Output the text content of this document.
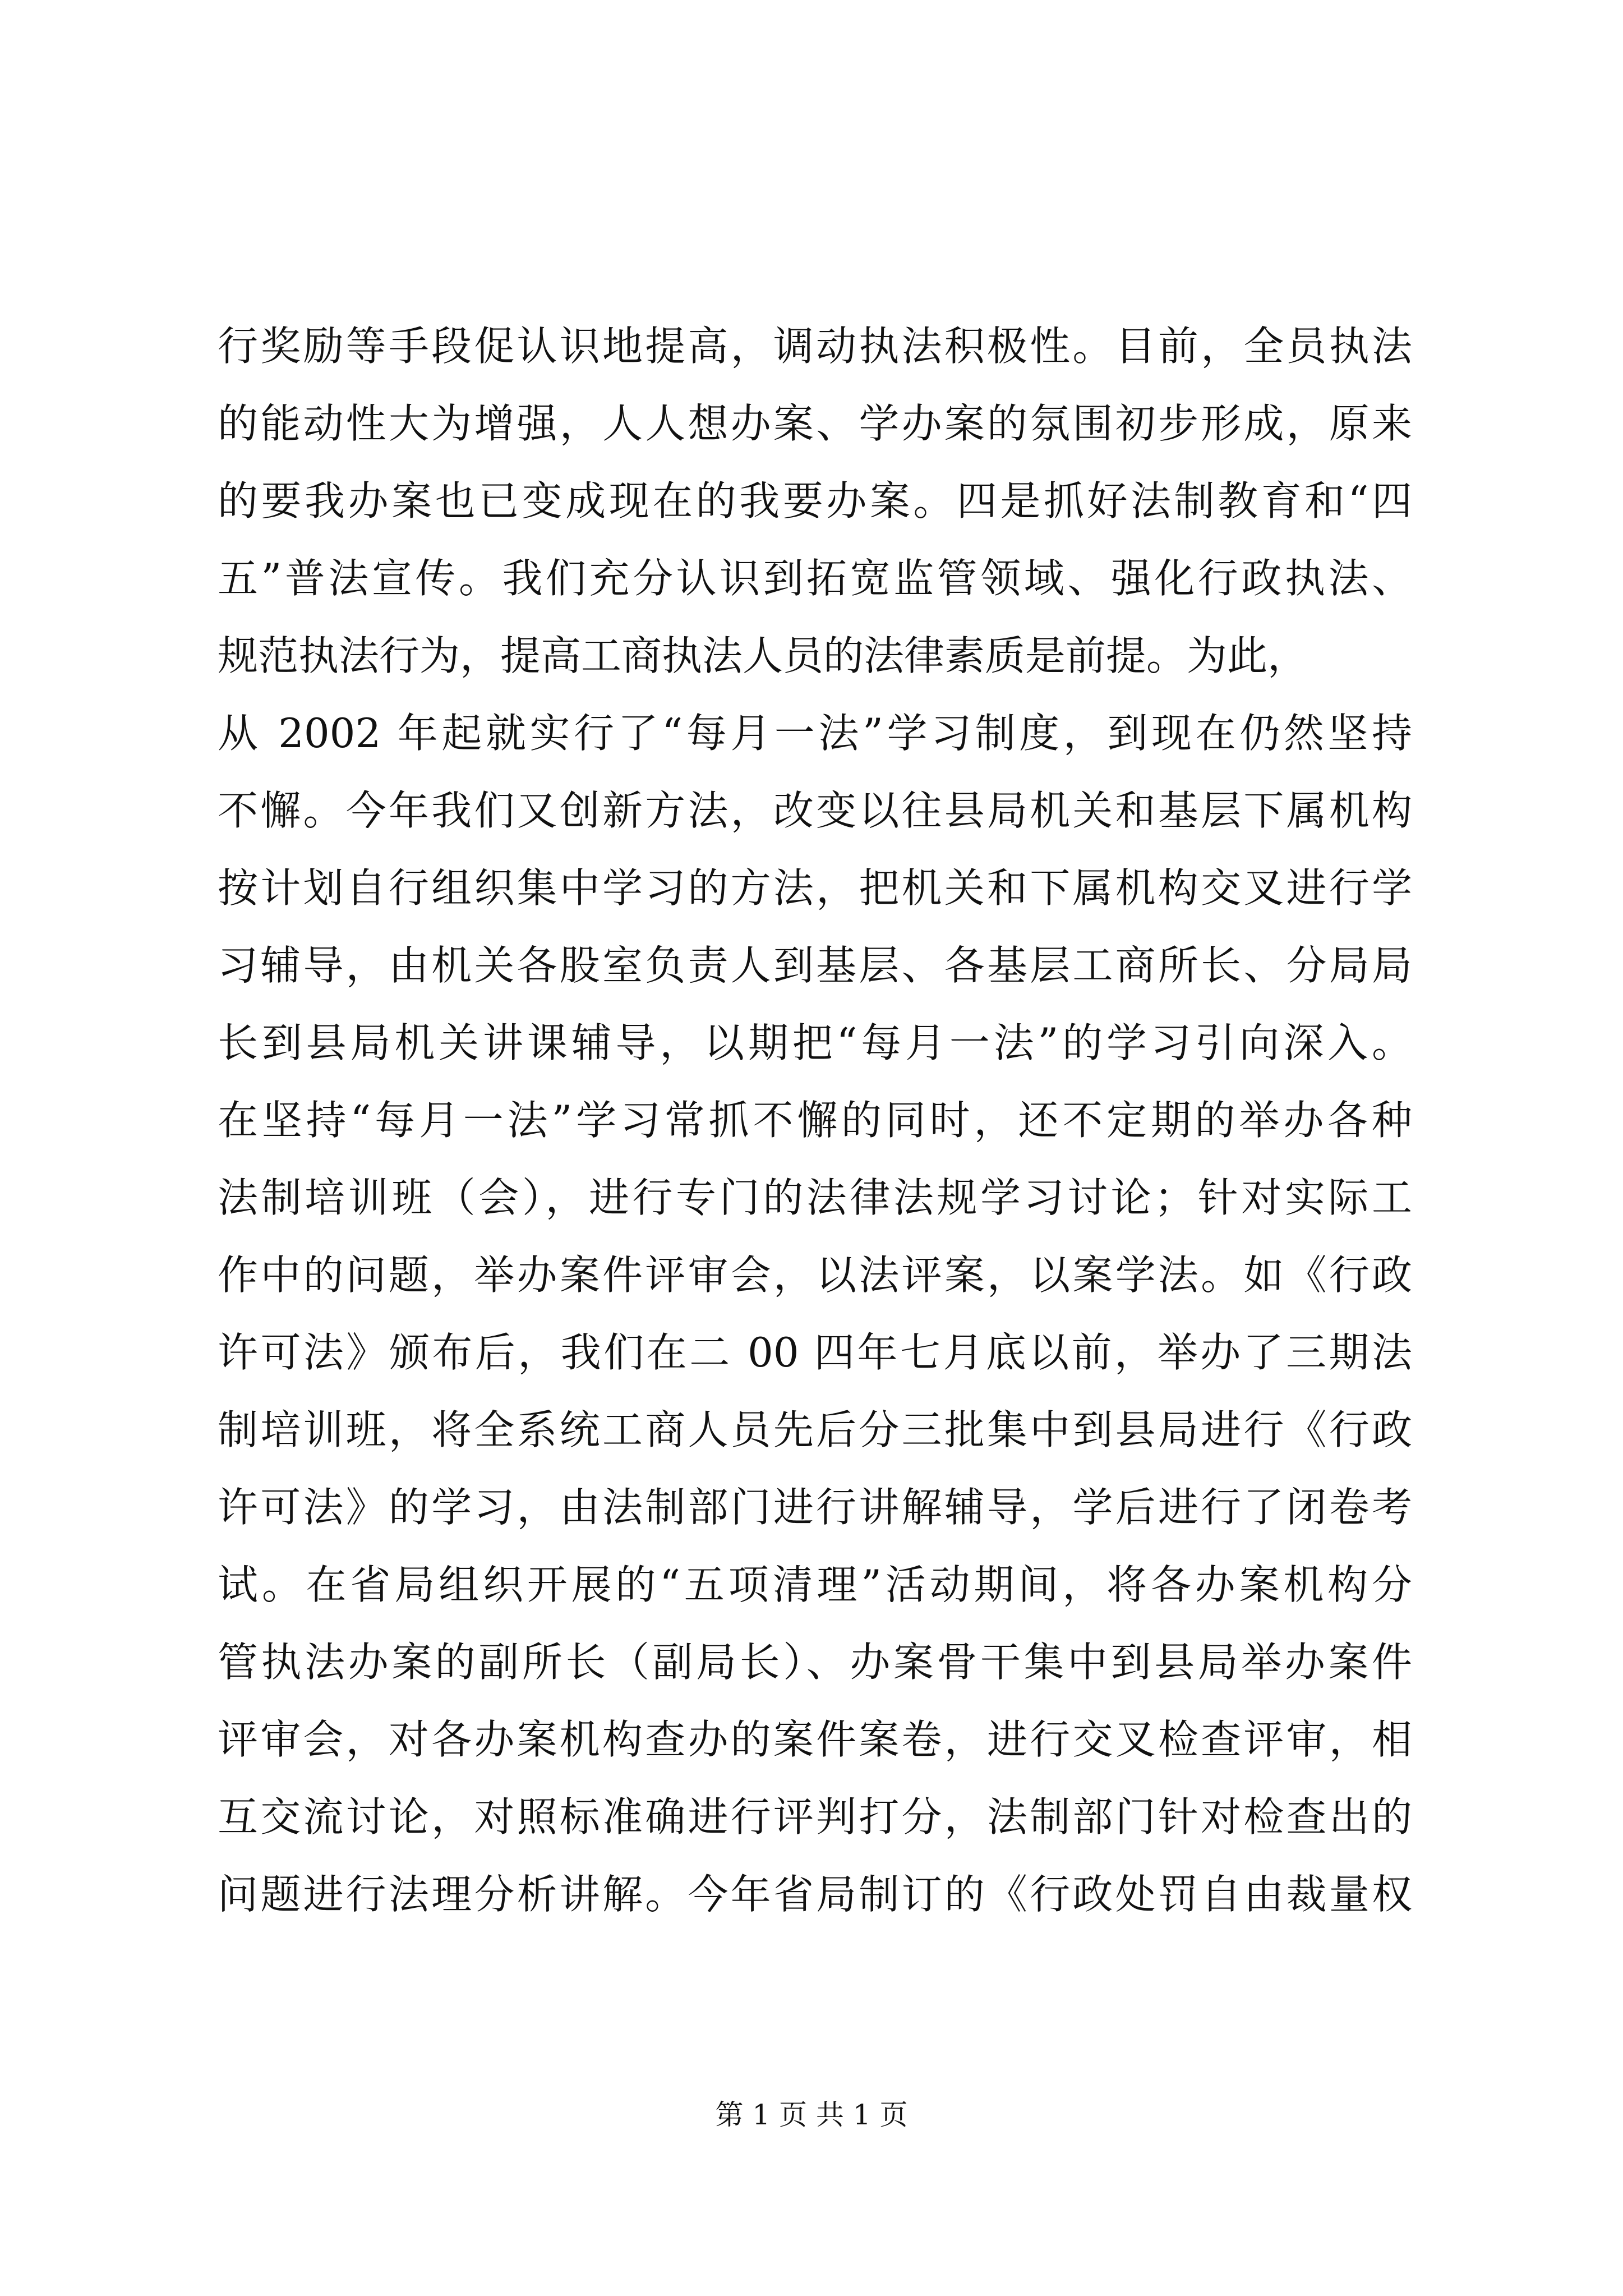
行奖励等手段促认识地提高，调动执法积极性。目前，全员执法
的能动性大为增强，人人想办案、学办案的氛围初步形成，原来
的要我办案也已变成现在的我要办案。四是抓好法制教育和“四
五”普法宣传。我们充分认识到拓宽监管领域、强化行政执法、
规范执法行为，提高工商执法人员的法律素质是前提。为此，
从 2002 年起就实行了“每月一法”学习制度，到现在仍然坚持
不懈。今年我们又创新方法，改变以往县局机关和基层下属机构
按计划自行组织集中学习的方法，把机关和下属机构交叉进行学
习辅导，由机关各股室负责人到基层、各基层工商所长、分局局
长到县局机关讲课辅导，以期把“每月一法”的学习引向深入。
在坚持“每月一法”学习常抓不懈的同时，还不定期的举办各种
法制培训班（会），进行专门的法律法规学习讨论；针对实际工
作中的问题，举办案件评审会，以法评案，以案学法。如《行政
许可法》颁布后，我们在二 00 四年七月底以前，举办了三期法
制培训班，将全系统工商人员先后分三批集中到县局进行《行政
许可法》的学习，由法制部门进行讲解辅导，学后进行了闭卷考
试。在省局组织开展的“五项清理”活动期间，将各办案机构分
管执法办案的副所长（副局长）、办案骨干集中到县局举办案件
评审会，对各办案机构查办的案件案卷，进行交叉检查评审，相
互交流讨论，对照标准确进行评判打分，法制部门针对检查出的
问题进行法理分析讲解。今年省局制订的《行政处罚自由裁量权
第 1 页 共 1 页
